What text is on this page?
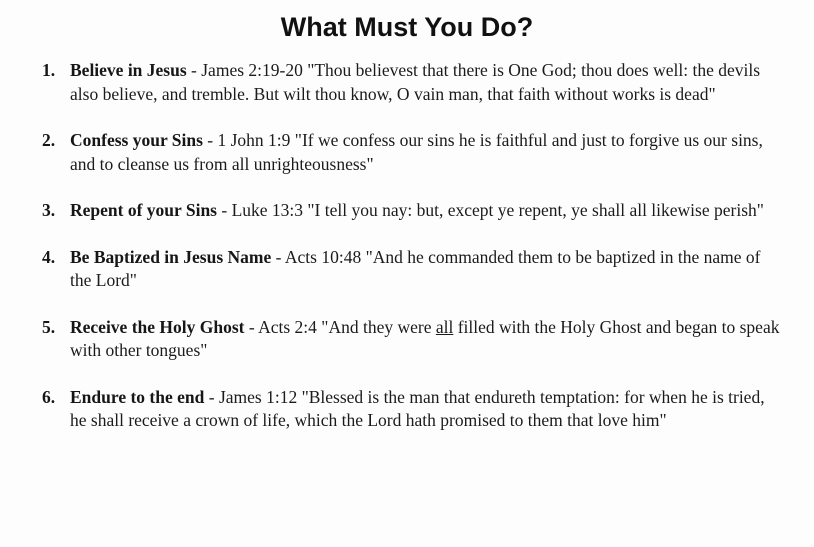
What Must You Do?
1. Believe in Jesus - James 2:19-20 "Thou believest that there is One God; thou does well: the devils also believe, and tremble. But wilt thou know, O vain man, that faith without works is dead"
2. Confess your Sins - 1 John 1:9 "If we confess our sins he is faithful and just to forgive us our sins, and to cleanse us from all unrighteousness"
3. Repent of your Sins - Luke 13:3 "I tell you nay: but, except ye repent, ye shall all likewise perish"
4. Be Baptized in Jesus Name - Acts 10:48 "And he commanded them to be baptized in the name of the Lord"
5. Receive the Holy Ghost - Acts 2:4 "And they were all filled with the Holy Ghost and began to speak with other tongues"
6. Endure to the end - James 1:12 "Blessed is the man that endureth temptation: for when he is tried, he shall receive a crown of life, which the Lord hath promised to them that love him"
